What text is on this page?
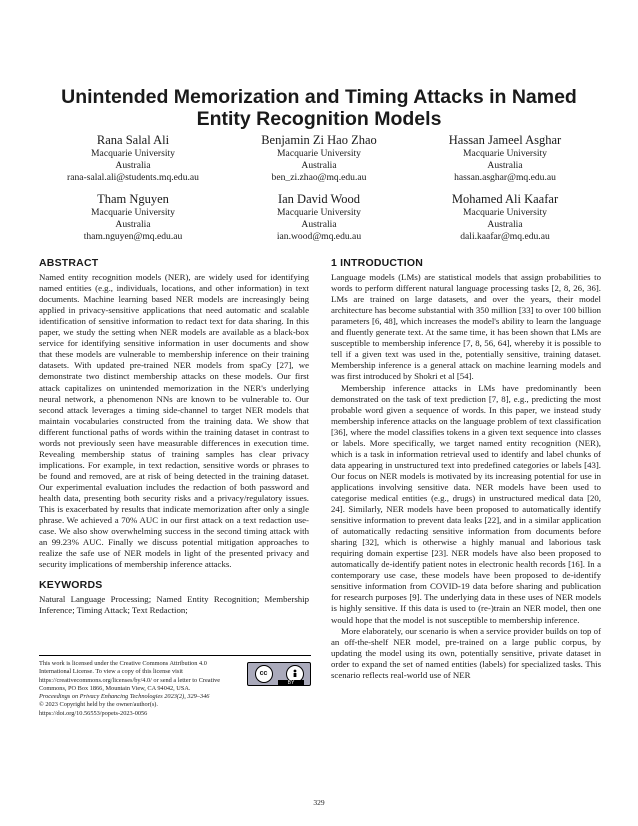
Unintended Memorization and Timing Attacks in Named Entity Recognition Models
Rana Salal Ali
Macquarie University
Australia
rana-salal.ali@students.mq.edu.au
Benjamin Zi Hao Zhao
Macquarie University
Australia
ben_zi.zhao@mq.edu.au
Hassan Jameel Asghar
Macquarie University
Australia
hassan.asghar@mq.edu.au
Tham Nguyen
Macquarie University
Australia
tham.nguyen@mq.edu.au
Ian David Wood
Macquarie University
Australia
ian.wood@mq.edu.au
Mohamed Ali Kaafar
Macquarie University
Australia
dali.kaafar@mq.edu.au
ABSTRACT

Named entity recognition models (NER), are widely used for identifying named entities (e.g., individuals, locations, and other information) in text documents. Machine learning based NER models are increasingly being applied in privacy-sensitive applications that need automatic and scalable identification of sensitive information to redact text for data sharing. In this paper, we study the setting when NER models are available as a black-box service for identifying sensitive information in user documents and show that these models are vulnerable to membership inference on their training datasets. With updated pre-trained NER models from spaCy [27], we demonstrate two distinct membership attacks on these models. Our first attack capitalizes on unintended memorization in the NER's underlying neural network, a phenomenon NNs are known to be vulnerable to. Our second attack leverages a timing side-channel to target NER models that maintain vocabularies constructed from the training data. We show that different functional paths of words within the training dataset in contrast to words not previously seen have measurable differences in execution time. Revealing membership status of training samples has clear privacy implications. For example, in text redaction, sensitive words or phrases to be found and removed, are at risk of being detected in the training dataset. Our experimental evaluation includes the redaction of both password and health data, presenting both security risks and a privacy/regulatory issues. This is exacerbated by results that indicate memorization after only a single phrase. We achieved a 70% AUC in our first attack on a text redaction use-case. We also show overwhelming success in the second timing attack with an 99.23% AUC. Finally we discuss potential mitigation approaches to realize the safe use of NER models in light of the presented privacy and security implications of membership inference attacks.

KEYWORDS

Natural Language Processing; Named Entity Recognition; Membership Inference; Timing Attack; Text Redaction;

This work is licensed under the Creative Commons Attribution 4.0 International License. To view a copy of this license visit https://creativecommons.org/licenses/by/4.0/ or send a letter to Creative Commons, PO Box 1866, Mountain View, CA 94042, USA.
Proceedings on Privacy Enhancing Technologies 2023(2), 329–346
© 2023 Copyright held by the owner/author(s).
https://doi.org/10.56553/popets-2023-0056
cc
BY
1 INTRODUCTION

Language models (LMs) are statistical models that assign probabilities to words to perform different natural language processing tasks [2, 8, 26, 36]. LMs are trained on large datasets, and over the years, their model architecture has become substantial with 350 million [33] to over 100 billion parameters [6, 48], which increases the model's ability to learn the language and fluently generate text. At the same time, it has been shown that LMs are susceptible to membership inference [7, 8, 56, 64], whereby it is possible to tell if a given text was used in the, potentially sensitive, training dataset. Membership inference is a general attack on machine learning models and was first introduced by Shokri et al [54].

Membership inference attacks in LMs have predominantly been demonstrated on the task of text prediction [7, 8], e.g., predicting the most probable word given a sequence of words. In this paper, we instead study membership inference attacks on the language problem of text classification [36], where the model classifies tokens in a given text sequence into classes or labels. More specifically, we target named entity recognition (NER), which is a task in information retrieval used to identify and label chunks of data appearing in unstructured text into predefined categories or labels [43]. Our focus on NER models is motivated by its increasing potential for use in applications involving sensitive data. NER models have been used to categorise medical entities (e.g., drugs) in unstructured medical data [20, 24]. Similarly, NER models have been proposed to automatically identify sensitive information to prevent data leaks [22], and in a similar application of automatically redacting sensitive information from documents before sharing [32], which is otherwise a highly manual and laborious task requiring domain expertise [23]. NER models have also been proposed to automatically de-identify patient notes in electronic health records [16]. In a contemporary use case, these models have been proposed to de-identify sensitive information from COVID-19 data before sharing and publication for research purposes [9]. The underlying data in these uses of NER models is highly sensitive. If this data is used to (re-)train an NER model, then one would hope that the model is not susceptible to membership inference.

More elaborately, our scenario is when a service provider builds on top of an off-the-shelf NER model, pre-trained on a large public corpus, by updating the model using its own, potentially sensitive, private dataset in order to expand the set of named entities (labels) for specialized tasks. This scenario reflects real-world use of NER

329
